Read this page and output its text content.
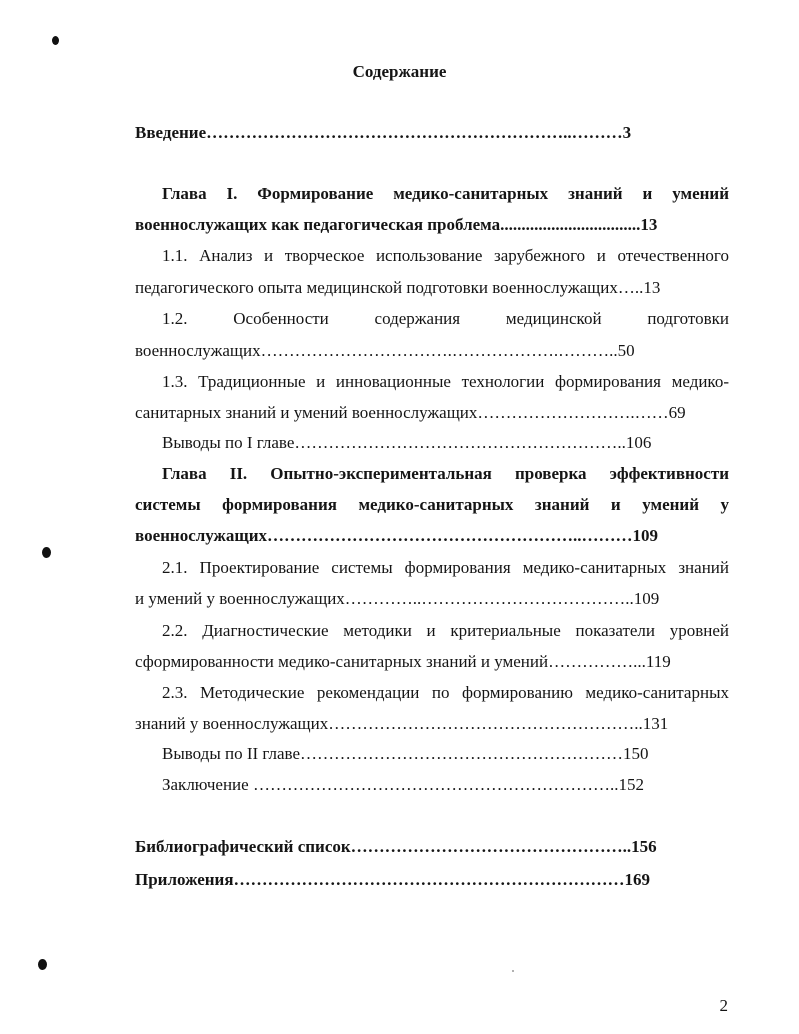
Содержание
Введение………………………………………………………..………3
Глава I. Формирование медико-санитарных знаний и умений
военнослужащих как педагогическая проблема.................................13
1.1. Анализ и творческое использование зарубежного и отечественного
педагогического опыта медицинской подготовки военнослужащих…..13
1.2. Особенности содержания медицинской подготовки
военнослужащих…………………………….……………….………..50
1.3. Традиционные и инновационные технологии формирования медико-
санитарных знаний и умений военнослужащих……………………….……69
Выводы по I главе…………………………………………………..106
Глава II. Опытно-экспериментальная проверка эффективности
системы формирования медико-санитарных знаний и умений у
военнослужащих………………………………………………..………109
2.1. Проектирование системы формирования медико-санитарных знаний
и умений у военнослужащих…………..………………………………..109
2.2. Диагностические методики и критериальные показатели уровней
сформированности медико-санитарных знаний и умений……………...119
2.3. Методические рекомендации по формированию медико-санитарных
знаний у военнослужащих………………………………………………..131
Выводы по II главе…………………………………………………150
Заключение ………………………………………………………..152
Библиографический список…………………………………………..156
Приложения……………………………………………………………169
2
